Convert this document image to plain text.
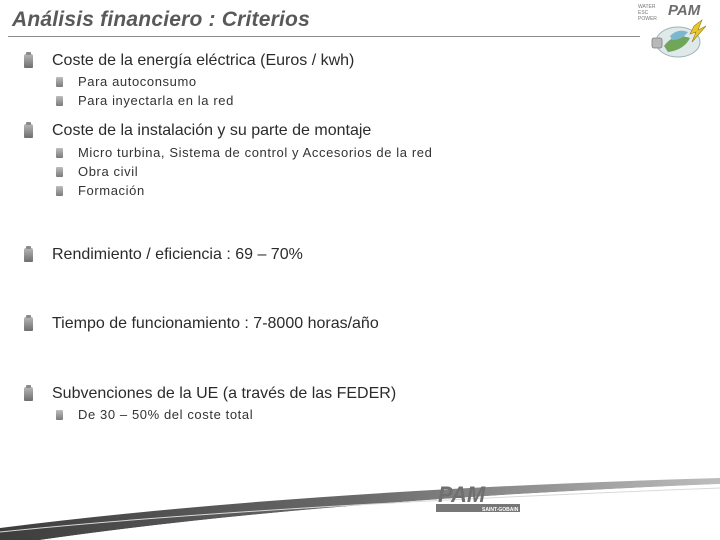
Análisis financiero : Criterios
WATER
ESC
POWER PAM
Coste de la energía eléctrica (Euros / kwh)
Para autoconsumo
Para inyectarla en la red
Coste de la instalación y su parte de montaje
Micro turbina, Sistema de control y Accesorios de la red
Obra civil
Formación
Rendimiento / eficiencia : 69 – 70%
Tiempo de funcionamiento : 7-8000 horas/año
Subvenciones de la UE (a través de las FEDER)
De 30 – 50% del coste total
PAM
SAINT-GOBAIN
